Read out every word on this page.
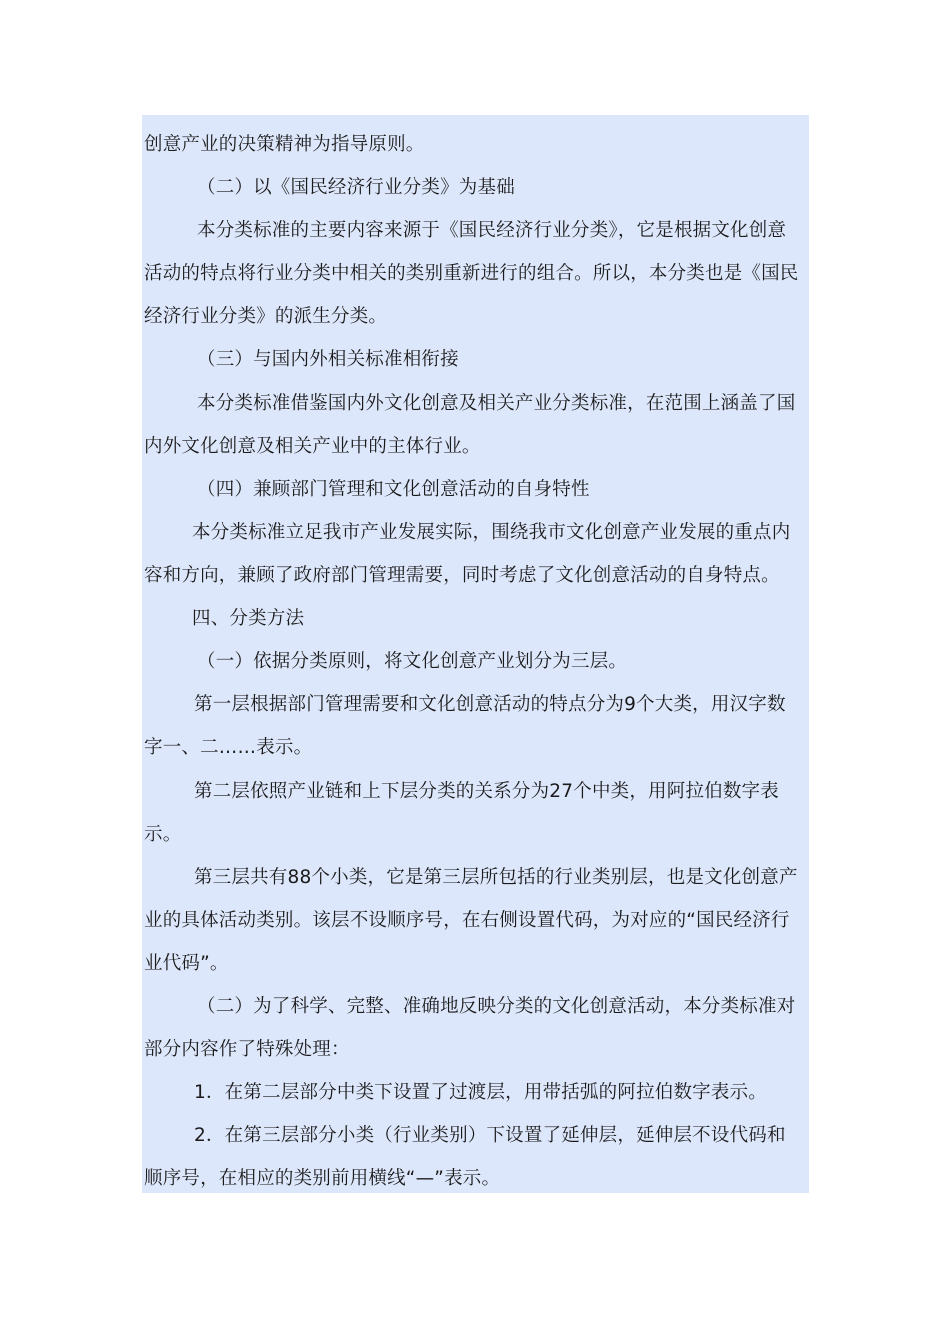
创意产业的决策精神为指导原则。
（二）以《国民经济行业分类》为基础
本分类标准的主要内容来源于《国民经济行业分类》，它是根据文化创意
活动的特点将行业分类中相关的类别重新进行的组合。所以，本分类也是《国民
经济行业分类》的派生分类。
（三）与国内外相关标准相衔接
本分类标准借鉴国内外文化创意及相关产业分类标准，在范围上涵盖了国
内外文化创意及相关产业中的主体行业。
（四）兼顾部门管理和文化创意活动的自身特性
本分类标准立足我市产业发展实际，围绕我市文化创意产业发展的重点内
容和方向，兼顾了政府部门管理需要，同时考虑了文化创意活动的自身特点。
四、分类方法
（一）依据分类原则，将文化创意产业划分为三层。
第一层根据部门管理需要和文化创意活动的特点分为9个大类，用汉字数
字一、二……表示。
第二层依照产业链和上下层分类的关系分为27个中类，用阿拉伯数字表
示。
第三层共有88个小类，它是第三层所包括的行业类别层，也是文化创意产
业的具体活动类别。该层不设顺序号，在右侧设置代码，为对应的“国民经济行
业代码”。
（二）为了科学、完整、准确地反映分类的文化创意活动，本分类标准对
部分内容作了特殊处理：
1．在第二层部分中类下设置了过渡层，用带括弧的阿拉伯数字表示。
2．在第三层部分小类（行业类别）下设置了延伸层，延伸层不设代码和
顺序号，在相应的类别前用横线“—”表示。
